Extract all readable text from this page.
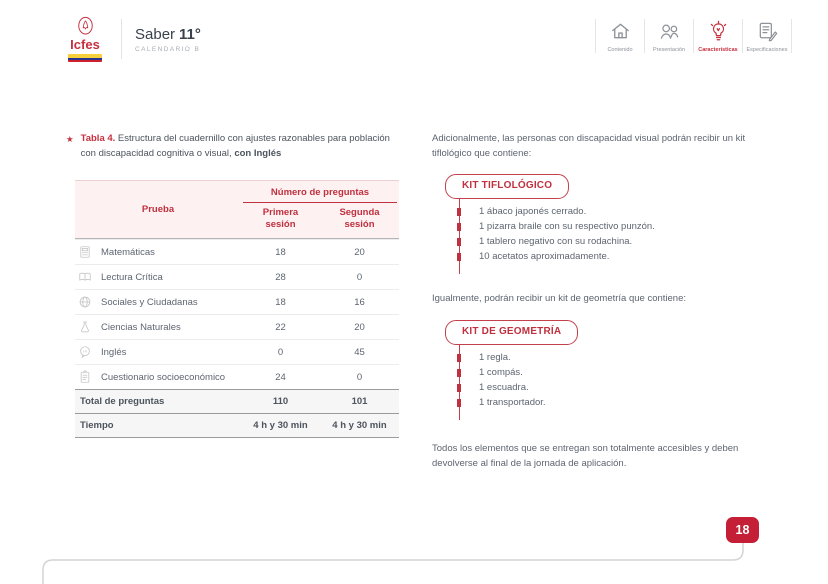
Icfes
Saber 11°
CALENDARIO B	Contenido	Presentación Características Especificaciones
★ Tabla 4. Estructura del cuadernillo con ajustes razonables para población con discapacidad cognitiva o visual, con Inglés
Prueba
Número de preguntas
Primera sesión
Segunda sesión
Matemáticas	18	20
Lectura Crítica	28	0
Sociales y Ciudadanas	18	16
Ciencias Naturales	22	20
HI Inglés	0	45
Cuestionario socioeconómico	24	0
Total de preguntas	110	101
Tiempo	4 h y 30 min	4 h y 30 min

Adicionalmente, las personas con discapacidad visual podrán recibir un kit tiflológico que contiene:

KIT TIFLOLÓGICO
1 ábaco japonés cerrado.
1 pizarra braile con su respectivo punzón.
1 tablero negativo con su rodachina.
10 acetatos aproximadamente.

Igualmente, podrán recibir un kit de geometría que contiene:

KIT DE GEOMETRÍA
1 regla.
1 compás.
1 escuadra.
1 transportador.

Todos los elementos que se entregan son totalmente accesibles y deben devolverse al final de la jornada de aplicación.

18
